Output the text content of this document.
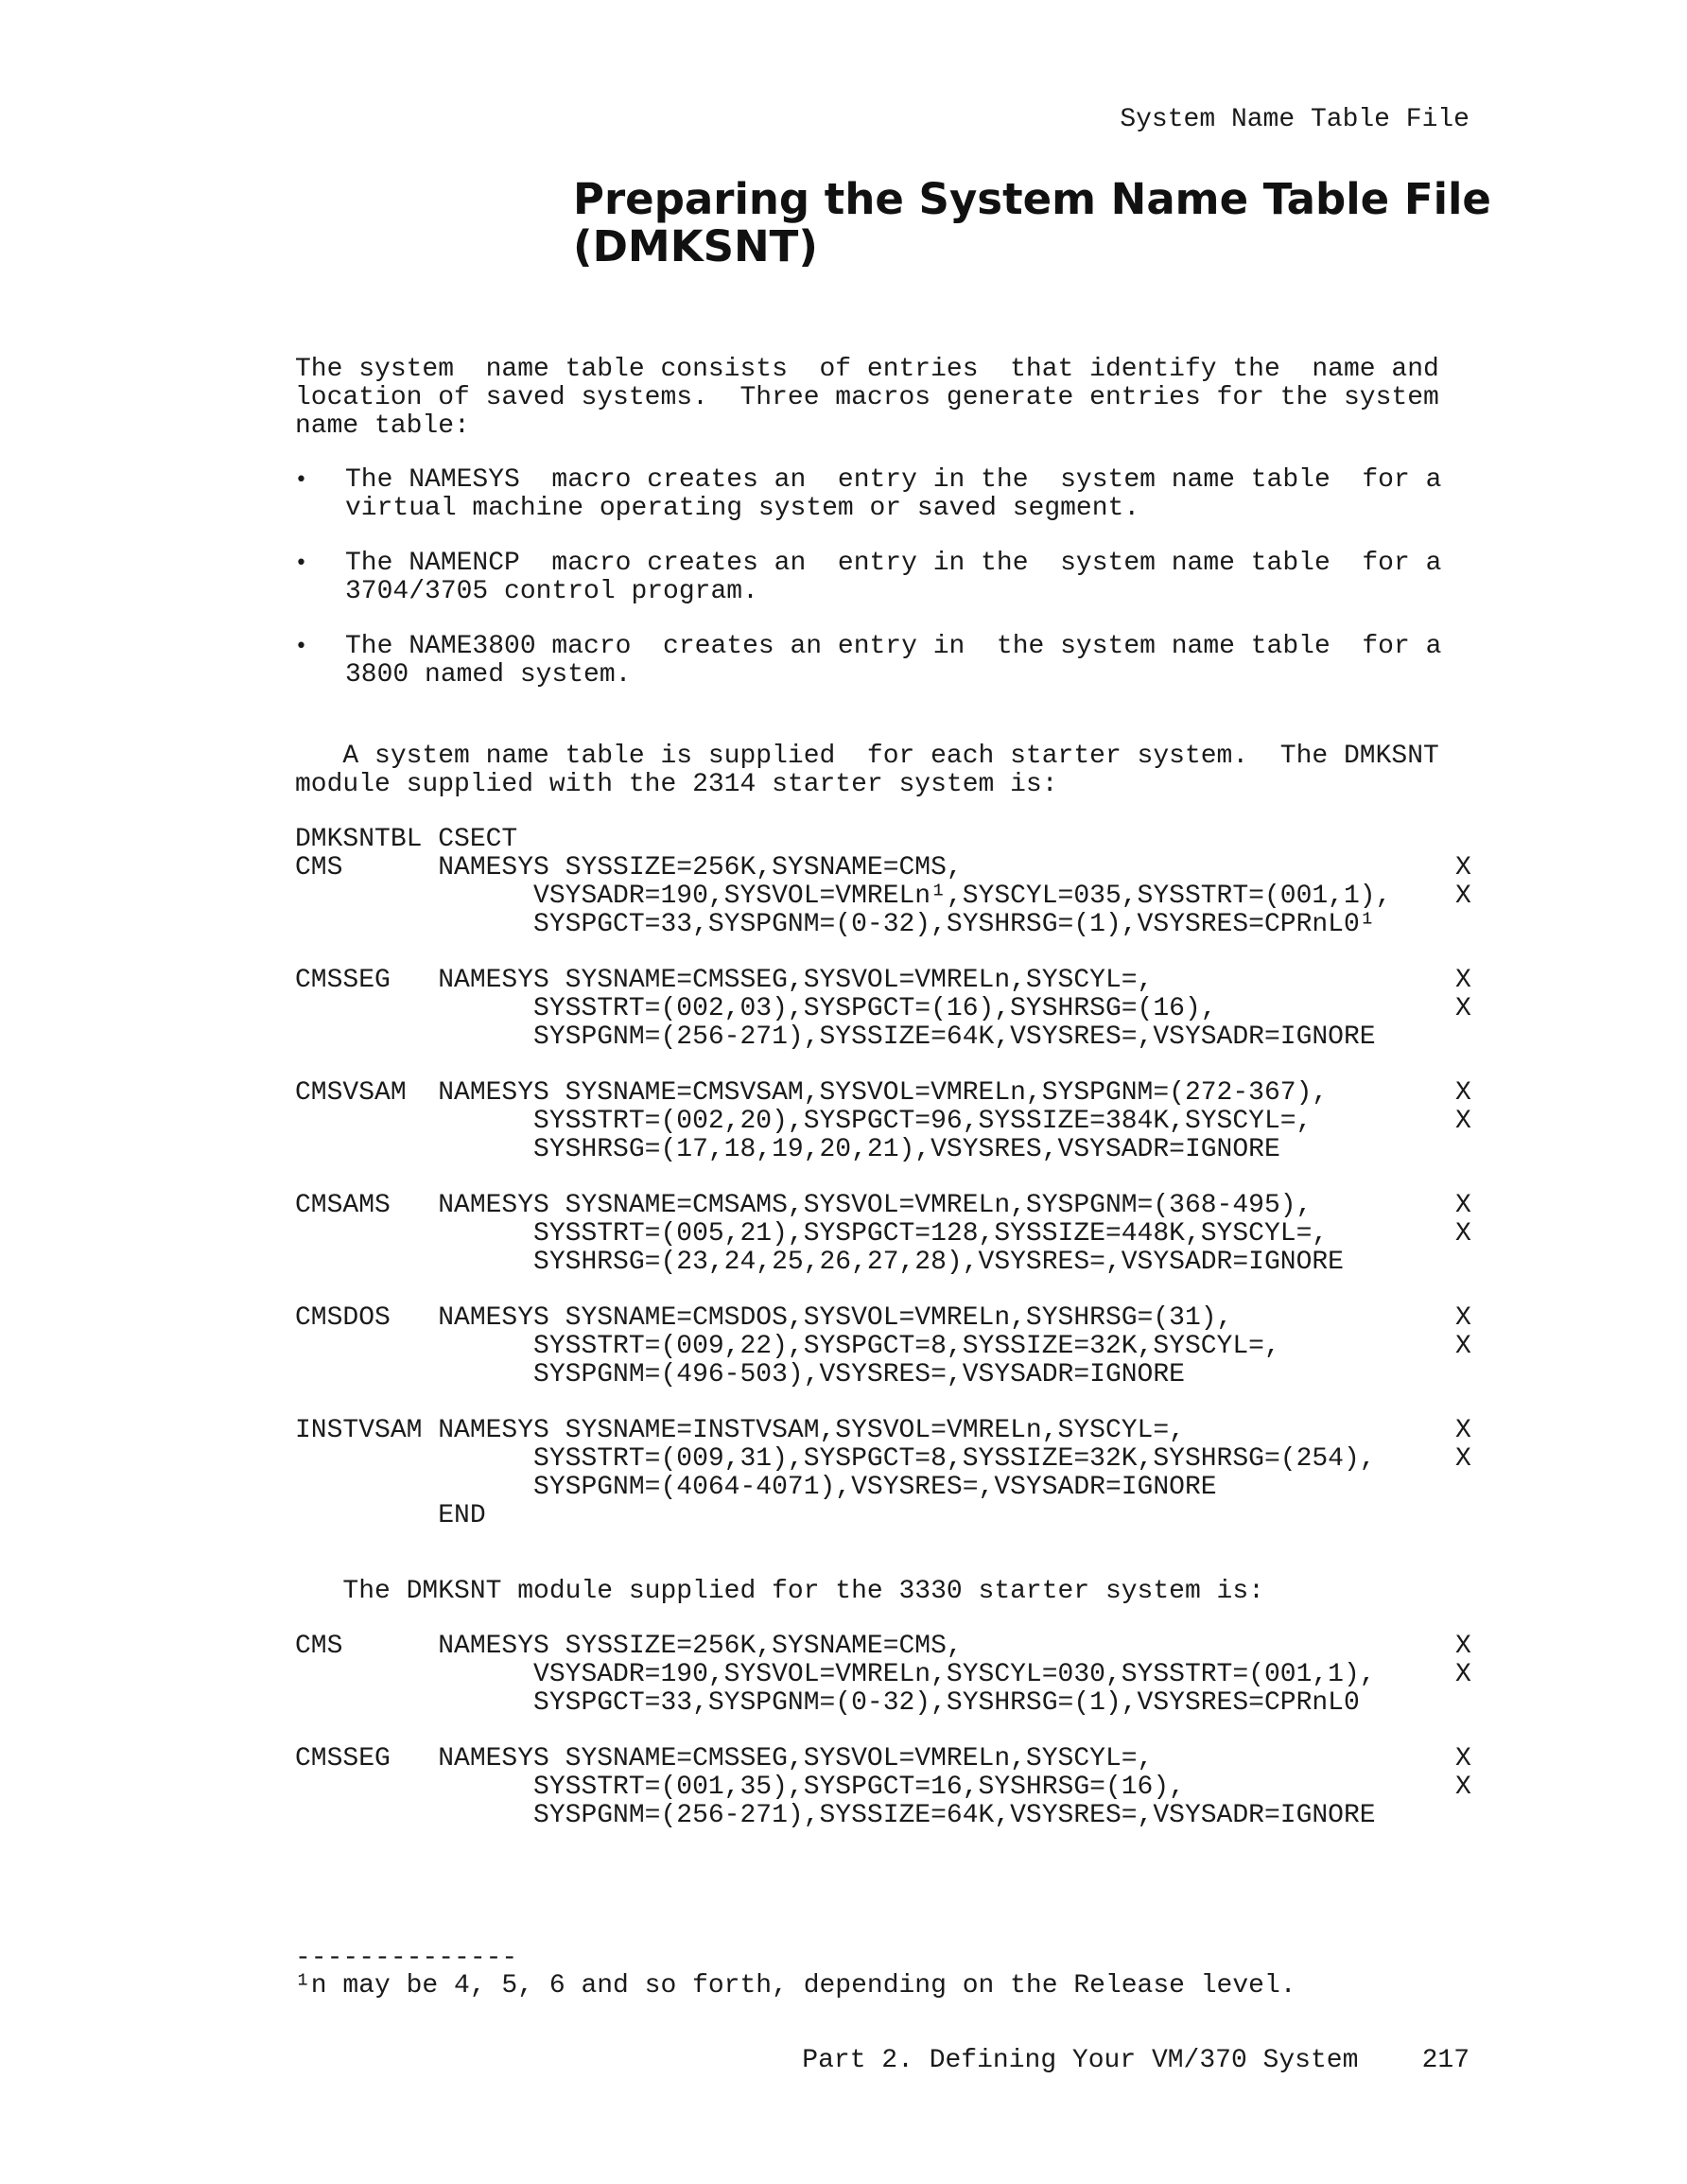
System Name Table File
Preparing the System Name Table File
(DMKSNT)
The system  name table consists  of entries  that identify the  name and
location of saved systems.  Three macros generate entries for the system
name table:
• The NAMESYS  macro creates an  entry in the  system name table  for a
virtual machine operating system or saved segment.
• The NAMENCP  macro creates an  entry in the  system name table  for a
3704/3705 control program.
• The NAME3800 macro  creates an entry in  the system name table  for a
3800 named system.
A system name table is supplied  for each starter system.  The DMKSNT
module supplied with the 2314 starter system is:
DMKSNTBL CSECT
CMS      NAMESYS SYSSIZE=256K,SYSNAME=CMS,	X
VSYSADR=190,SYSVOL=VMRELn¹,SYSCYL=035,SYSSTRT=(001,1), X
SYSPGCT=33,SYSPGNM=(0-32),SYSHRSG=(1),VSYSRES=CPRnL0¹
CMSSEG   NAMESYS SYSNAME=CMSSEG,SYSVOL=VMRELn,SYSCYL=,	X
SYSSTRT=(002,03),SYSPGCT=(16),SYSHRSG=(16),	X
SYSPGNM=(256-271),SYSSIZE=64K,VSYSRES=,VSYSADR=IGNORE
CMSVSAM  NAMESYS SYSNAME=CMSVSAM,SYSVOL=VMRELn,SYSPGNM=(272-367),	X
SYSSTRT=(002,20),SYSPGCT=96,SYSSIZE=384K,SYSCYL=,	X
SYSHRSG=(17,18,19,20,21),VSYSRES,VSYSADR=IGNORE
CMSAMS   NAMESYS SYSNAME=CMSAMS,SYSVOL=VMRELn,SYSPGNM=(368-495),	X
SYSSTRT=(005,21),SYSPGCT=128,SYSSIZE=448K,SYSCYL=,	X
SYSHRSG=(23,24,25,26,27,28),VSYSRES=,VSYSADR=IGNORE
CMSDOS   NAMESYS SYSNAME=CMSDOS,SYSVOL=VMRELn,SYSHRSG=(31),	X
SYSSTRT=(009,22),SYSPGCT=8,SYSSIZE=32K,SYSCYL=,	X
SYSPGNM=(496-503),VSYSRES=,VSYSADR=IGNORE
INSTVSAM NAMESYS SYSNAME=INSTVSAM,SYSVOL=VMRELn,SYSCYL=,	X
SYSSTRT=(009,31),SYSPGCT=8,SYSSIZE=32K,SYSHRSG=(254),	X
SYSPGNM=(4064-4071),VSYSRES=,VSYSADR=IGNORE
END
The DMKSNT module supplied for the 3330 starter system is:
CMS      NAMESYS SYSSIZE=256K,SYSNAME=CMS,	X
VSYSADR=190,SYSVOL=VMRELn,SYSCYL=030,SYSSTRT=(001,1),	X
SYSPGCT=33,SYSPGNM=(0-32),SYSHRSG=(1),VSYSRES=CPRnL0
CMSSEG   NAMESYS SYSNAME=CMSSEG,SYSVOL=VMRELn,SYSCYL=,	X
SYSSTRT=(001,35),SYSPGCT=16,SYSHRSG=(16),	X
SYSPGNM=(256-271),SYSSIZE=64K,VSYSRES=,VSYSADR=IGNORE
--------------
¹n may be 4, 5, 6 and so forth, depending on the Release level.
Part 2. Defining Your VM/370 System    217
